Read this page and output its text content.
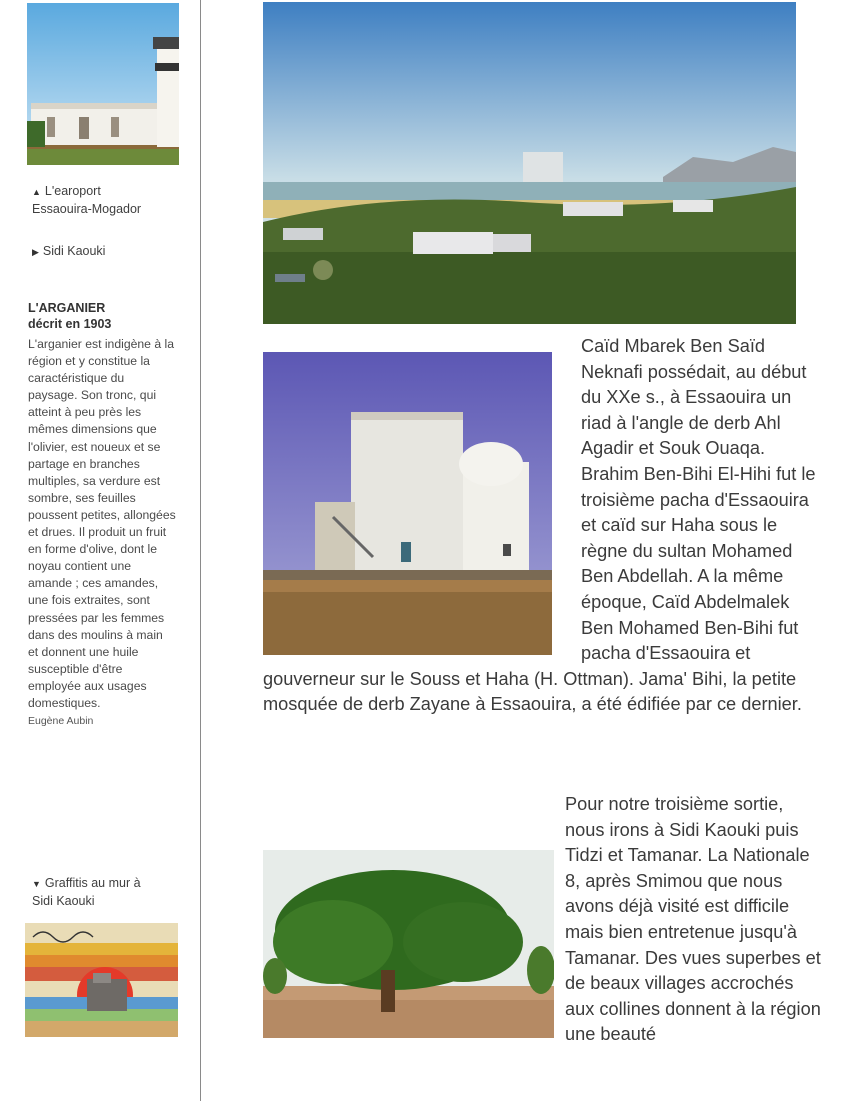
▲ L'earoport
Essaouira-Mogador
▶ Sidi Kaouki
L'ARGANIER
décrit en 1903
L'arganier est indigène à la région et y constitue la caractéristique du paysage. Son tronc, qui atteint à peu près les mêmes dimensions que l'olivier, est noueux et se partage en branches multiples, sa verdure est sombre, ses feuilles poussent petites, allongées et drues. Il produit un fruit en forme d'olive, dont le noyau contient une amande ; ces amandes, une fois extraites, sont pressées par les femmes dans des moulins à main et donnent une huile susceptible d'être employée aux usages domestiques.
Eugène Aubin
▼ Graffitis au mur à
Sidi Kaouki
Caïd Mbarek Ben Saïd Neknafi possédait, au début du XXe s., à Essaouira un riad à l'angle de derb Ahl Agadir et Souk Ouaqa. Brahim Ben-Bihi El-Hihi fut le troisième pacha d'Essaouira et caïd sur Haha sous le règne du sultan Mohamed Ben Abdellah. A la même époque, Caïd Abdelmalek Ben Mohamed Ben-Bihi fut pacha d'Essaouira et gouverneur sur le Souss et Haha (H. Ottman). Jama' Bihi, la petite mosquée de derb Zayane à Essaouira, a été édifiée par ce dernier.
Pour notre troisième sortie, nous irons à Sidi Kaouki puis Tidzi et Tamanar. La Nationale 8, après Smimou que nous avons déjà visité est difficile mais bien entretenue jusqu'à Tamanar. Des vues superbes et de beaux villages accrochés aux collines donnent à la région une beauté
